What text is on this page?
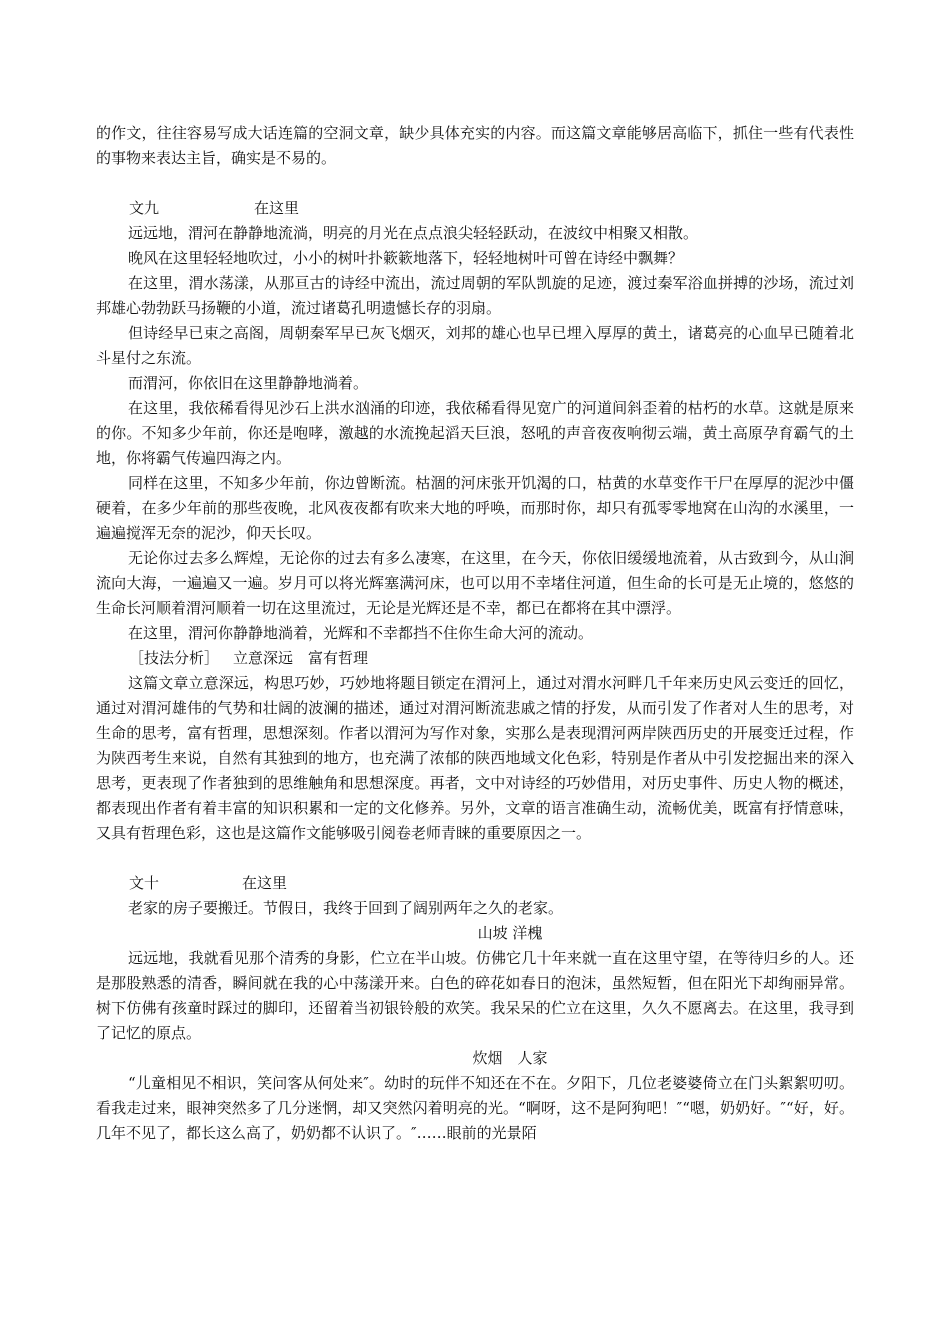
的作文，往往容易写成大话连篇的空洞文章，缺少具体充实的内容。而这篇文章能够居高临下，抓住一些有代表性的事物来表达主旨，确实是不易的。

文九	在这里

远远地，渭河在静静地流淌，明亮的月光在点点浪尖轻轻跃动，在波纹中相聚又相散。

晚风在这里轻轻地吹过，小小的树叶扑簌簌地落下，轻轻地树叶可曾在诗经中飘舞？

在这里，渭水荡漾，从那亘古的诗经中流出，流过周朝的军队凯旋的足迹，渡过秦军浴血拼搏的沙场，流过刘邦雄心勃勃跃马扬鞭的小道，流过诸葛孔明遗憾长存的羽扇。

但诗经早已束之高阁，周朝秦军早已灰飞烟灭，刘邦的雄心也早已埋入厚厚的黄土，诸葛亮的心血早已随着北斗星付之东流。

而渭河，你依旧在这里静静地淌着。

在这里，我依稀看得见沙石上洪水汹涌的印迹，我依稀看得见宽广的河道间斜歪着的枯朽的水草。这就是原来的你。不知多少年前，你还是咆哮，激越的水流挽起滔天巨浪，怒吼的声音夜夜响彻云端，黄土高原孕育霸气的土地，你将霸气传遍四海之内。

同样在这里，不知多少年前，你边曾断流。枯涸的河床张开饥渴的口，枯黄的水草变作干尸在厚厚的泥沙中僵硬着，在多少年前的那些夜晚，北风夜夜都有吹来大地的呼唤，而那时你，却只有孤零零地窝在山沟的水溪里，一遍遍搅浑无奈的泥沙，仰天长叹。

无论你过去多么辉煌，无论你的过去有多么凄寒，在这里，在今天，你依旧缓缓地流着，从古致到今，从山涧流向大海，一遍遍又一遍。岁月可以将光辉塞满河床，也可以用不幸堵住河道，但生命的长可是无止境的，悠悠的生命长河顺着渭河顺着一切在这里流过，无论是光辉还是不幸，都已在都将在其中漂浮。

在这里，渭河你静静地淌着，光辉和不幸都挡不住你生命大河的流动。

［技法分析］ 立意深远　富有哲理

这篇文章立意深远，构思巧妙，巧妙地将题目锁定在渭河上，通过对渭水河畔几千年来历史风云变迁的回忆，通过对渭河雄伟的气势和壮阔的波澜的描述，通过对渭河断流悲戚之情的抒发，从而引发了作者对人生的思考，对生命的思考，富有哲理，思想深刻。作者以渭河为写作对象，实那么是表现渭河两岸陕西历史的开展变迁过程，作为陕西考生来说，自然有其独到的地方，也充满了浓郁的陕西地域文化色彩，特别是作者从中引发挖掘出来的深入思考，更表现了作者独到的思维触角和思想深度。再者，文中对诗经的巧妙借用，对历史事件、历史人物的概述，都表现出作者有着丰富的知识积累和一定的文化修养。另外，文章的语言准确生动，流畅优美，既富有抒情意味，又具有哲理色彩，这也是这篇作文能够吸引阅卷老师青睐的重要原因之一。

文十	在这里

老家的房子要搬迁。节假日，我终于回到了阔别两年之久的老家。

山坡 洋槐

远远地，我就看见那个清秀的身影，伫立在半山坡。仿佛它几十年来就一直在这里守望，在等待归乡的人。还是那股熟悉的清香，瞬间就在我的心中荡漾开来。白色的碎花如春日的泡沫，虽然短暂，但在阳光下却绚丽异常。树下仿佛有孩童时踩过的脚印，还留着当初银铃般的欢笑。我呆呆的伫立在这里，久久不愿离去。在这里，我寻到了记忆的原点。

炊烟　人家

“儿童相见不相识，笑问客从何处来″。幼时的玩伴不知还在不在。夕阳下，几位老婆婆倚立在门头絮絮叨叨。看我走过来，眼神突然多了几分迷惘，却又突然闪着明亮的光。“啊呀，这不是阿狗吧！″“嗯，奶奶好。″“好，好。几年不见了，都长这么高了，奶奶都不认识了。″……眼前的光景陌
